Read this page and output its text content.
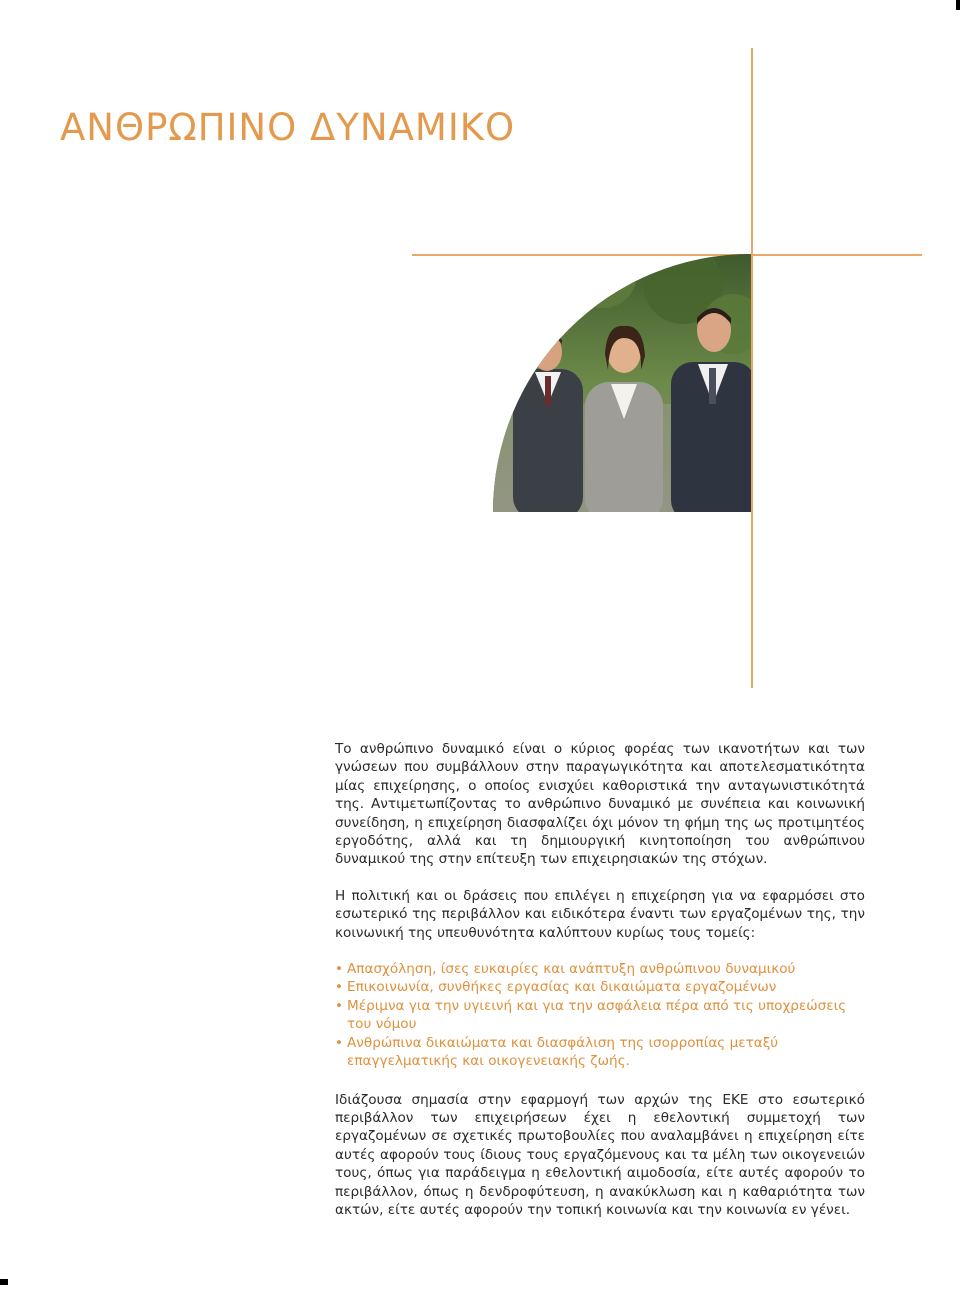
ΑΝΘΡΩΠΙΝΟ ΔΥΝΑΜΙΚΟ

Το ανθρώπινο δυναμικό είναι ο κύριος φορέας των ικανοτήτων και των γνώσεων που συμβάλλουν στην παραγωγικότητα και αποτελεσματικότητα μίας επιχείρησης, ο οποίος ενισχύει καθοριστικά την ανταγωνιστικότητά της. Αντιμετωπίζοντας το ανθρώπινο δυναμικό με συνέπεια και κοινωνική συνείδηση, η επιχείρηση διασφαλίζει όχι μόνον τη φήμη της ως προτιμητέος εργοδότης, αλλά και τη δημιουργική κινητοποίηση του ανθρώπινου δυναμικού της στην επίτευξη των επιχειρησιακών της στόχων.

Η πολιτική και οι δράσεις που επιλέγει η επιχείρηση για να εφαρμόσει στο εσωτερικό της περιβάλλον και ειδικότερα έναντι των εργαζομένων της, την κοινωνική της υπευθυνότητα καλύπτουν κυρίως τους τομείς:

• Απασχόληση, ίσες ευκαιρίες και ανάπτυξη ανθρώπινου δυναμικού
• Επικοινωνία, συνθήκες εργασίας και δικαιώματα εργαζομένων
• Μέριμνα για την υγιεινή και για την ασφάλεια πέρα από τις υποχρεώσεις του νόμου
• Ανθρώπινα δικαιώματα και διασφάλιση της ισορροπίας μεταξύ επαγγελματικής και οικογενειακής ζωής.

Ιδιάζουσα σημασία στην εφαρμογή των αρχών της ΕΚΕ στο εσωτερικό περιβάλλον των επιχειρήσεων έχει η εθελοντική συμμετοχή των εργαζομένων σε σχετικές πρωτοβουλίες που αναλαμβάνει η επιχείρηση είτε αυτές αφορούν τους ίδιους τους εργαζόμενους και τα μέλη των οικογενειών τους, όπως για παράδειγμα η εθελοντική αιμοδοσία, είτε αυτές αφορούν το περιβάλλον, όπως η δενδροφύτευση, η ανακύκλωση και η καθαριότητα των ακτών, είτε αυτές αφορούν την τοπική κοινωνία και την κοινωνία εν γένει.
